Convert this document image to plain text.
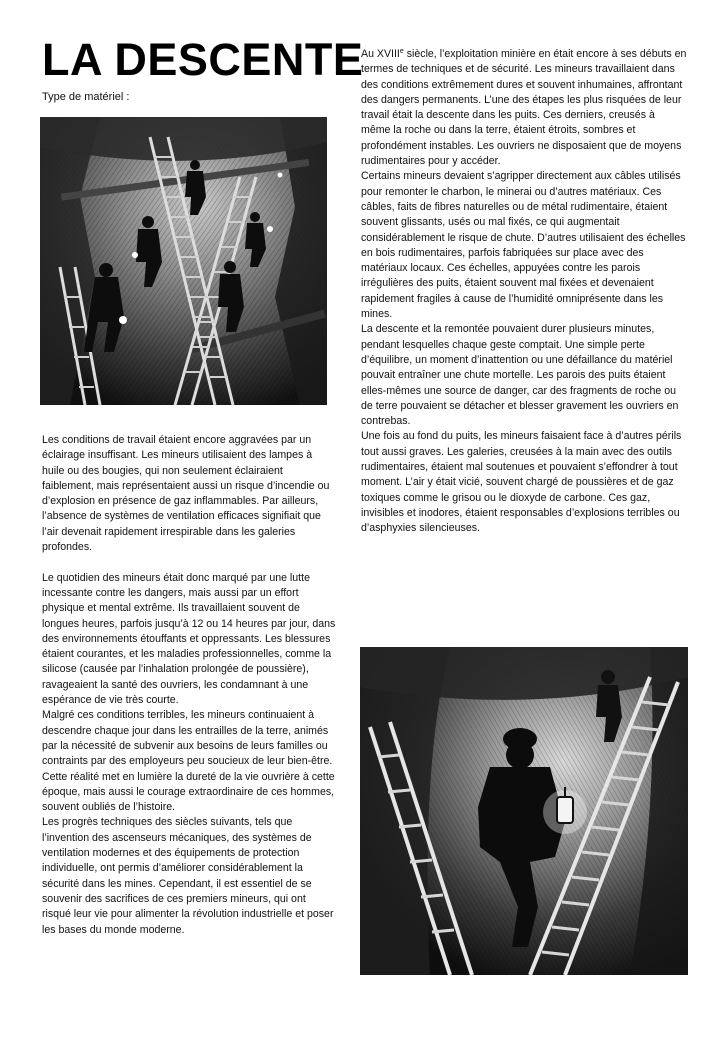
LA DESCENTE
Type de matériel :

Au XVIIIe siècle, l’exploitation minière en était encore à ses débuts en termes de techniques et de sécurité. Les mineurs travaillaient dans des conditions extrêmement dures et souvent inhumaines, affrontant des dangers permanents. L’une des étapes les plus risquées de leur travail était la descente dans les puits. Ces derniers, creusés à même la roche ou dans la terre, étaient étroits, sombres et profondément instables. Les ouvriers ne disposaient que de moyens rudimentaires pour y accéder.

Certains mineurs devaient s’agripper directement aux câbles utilisés pour remonter le charbon, le minerai ou d’autres matériaux. Ces câbles, faits de fibres naturelles ou de métal rudimentaire, étaient souvent glissants, usés ou mal fixés, ce qui augmentait considérablement le risque de chute. D’autres utilisaient des échelles en bois rudimentaires, parfois fabriquées sur place avec des matériaux locaux. Ces échelles, appuyées contre les parois irrégulières des puits, étaient souvent mal fixées et devenaient rapidement fragiles à cause de l’humidité omniprésente dans les mines.

La descente et la remontée pouvaient durer plusieurs minutes, pendant lesquelles chaque geste comptait. Une simple perte d’équilibre, un moment d’inattention ou une défaillance du matériel pouvait entraîner une chute mortelle. Les parois des puits étaient elles-mêmes une source de danger, car des fragments de roche ou de terre pouvaient se détacher et blesser gravement les ouvriers en contrebas.

Une fois au fond du puits, les mineurs faisaient face à d’autres périls tout aussi graves. Les galeries, creusées à la main avec des outils rudimentaires, étaient mal soutenues et pouvaient s’effondrer à tout moment. L’air y était vicié, souvent chargé de poussières et de gaz toxiques comme le grisou ou le dioxyde de carbone. Ces gaz, invisibles et inodores, étaient responsables d’explosions terribles ou d’asphyxies silencieuses.

Les conditions de travail étaient encore aggravées par un éclairage insuffisant. Les mineurs utilisaient des lampes à huile ou des bougies, qui non seulement éclairaient faiblement, mais représentaient aussi un risque d’incendie ou d’explosion en présence de gaz inflammables. Par ailleurs, l’absence de systèmes de ventilation efficaces signifiait que l’air devenait rapidement irrespirable dans les galeries profondes.

Le quotidien des mineurs était donc marqué par une lutte incessante contre les dangers, mais aussi par un effort physique et mental extrême. Ils travaillaient souvent de longues heures, parfois jusqu’à 12 ou 14 heures par jour, dans des environnements étouffants et oppressants. Les blessures étaient courantes, et les maladies professionnelles, comme la silicose (causée par l’inhalation prolongée de poussière), ravageaient la santé des ouvriers, les condamnant à une espérance de vie très courte.

Malgré ces conditions terribles, les mineurs continuaient à descendre chaque jour dans les entrailles de la terre, animés par la nécessité de subvenir aux besoins de leurs familles ou contraints par des employeurs peu soucieux de leur bien-être. Cette réalité met en lumière la dureté de la vie ouvrière à cette époque, mais aussi le courage extraordinaire de ces hommes, souvent oubliés de l’histoire.

Les progrès techniques des siècles suivants, tels que l’invention des ascenseurs mécaniques, des systèmes de ventilation modernes et des équipements de protection individuelle, ont permis d’améliorer considérablement la sécurité dans les mines. Cependant, il est essentiel de se souvenir des sacrifices de ces premiers mineurs, qui ont risqué leur vie pour alimenter la révolution industrielle et poser les bases du monde moderne.
